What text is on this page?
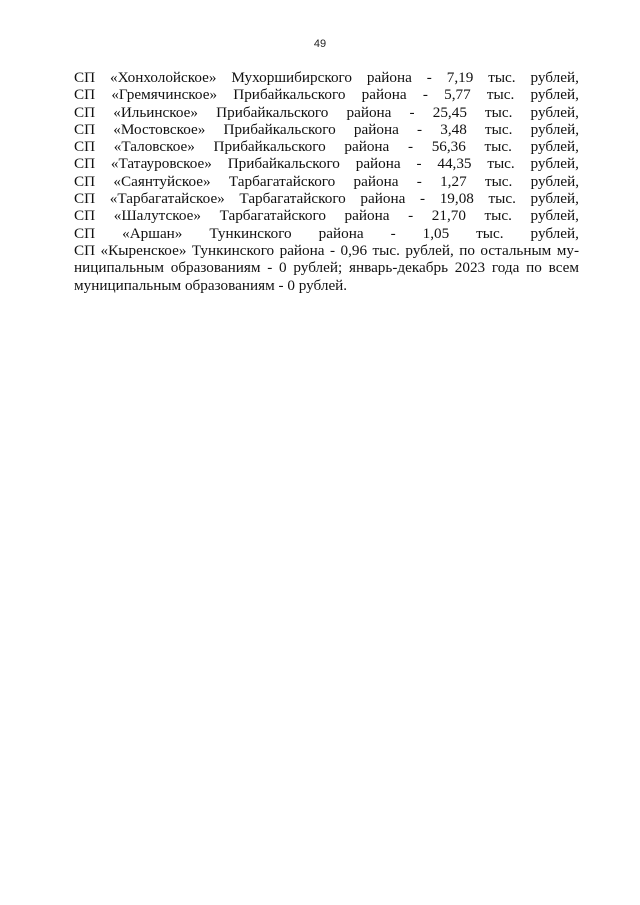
49
СП «Хонхолойское» Мухоршибирского района - 7,19 тыс. рублей,
СП «Гремячинское» Прибайкальского района - 5,77 тыс. рублей,
СП «Ильинское» Прибайкальского района - 25,45 тыс. рублей,
СП «Мостовское» Прибайкальского района - 3,48 тыс. рублей,
СП «Таловское» Прибайкальского района - 56,36 тыс. рублей,
СП «Татауровское» Прибайкальского района - 44,35 тыс. рублей,
СП «Саянтуйское» Тарбагатайского района - 1,27 тыс. рублей,
СП «Тарбагатайское» Тарбагатайского района - 19,08 тыс. рублей,
СП «Шалутское» Тарбагатайского района - 21,70 тыс. рублей,
СП «Аршан» Тункинского района - 1,05 тыс. рублей,
СП «Кыренское» Тункинского района - 0,96 тыс. рублей, по остальным му-ниципальным образованиям - 0 рублей; январь-декабрь 2023 года по всем муниципальным образованиям - 0 рублей.
